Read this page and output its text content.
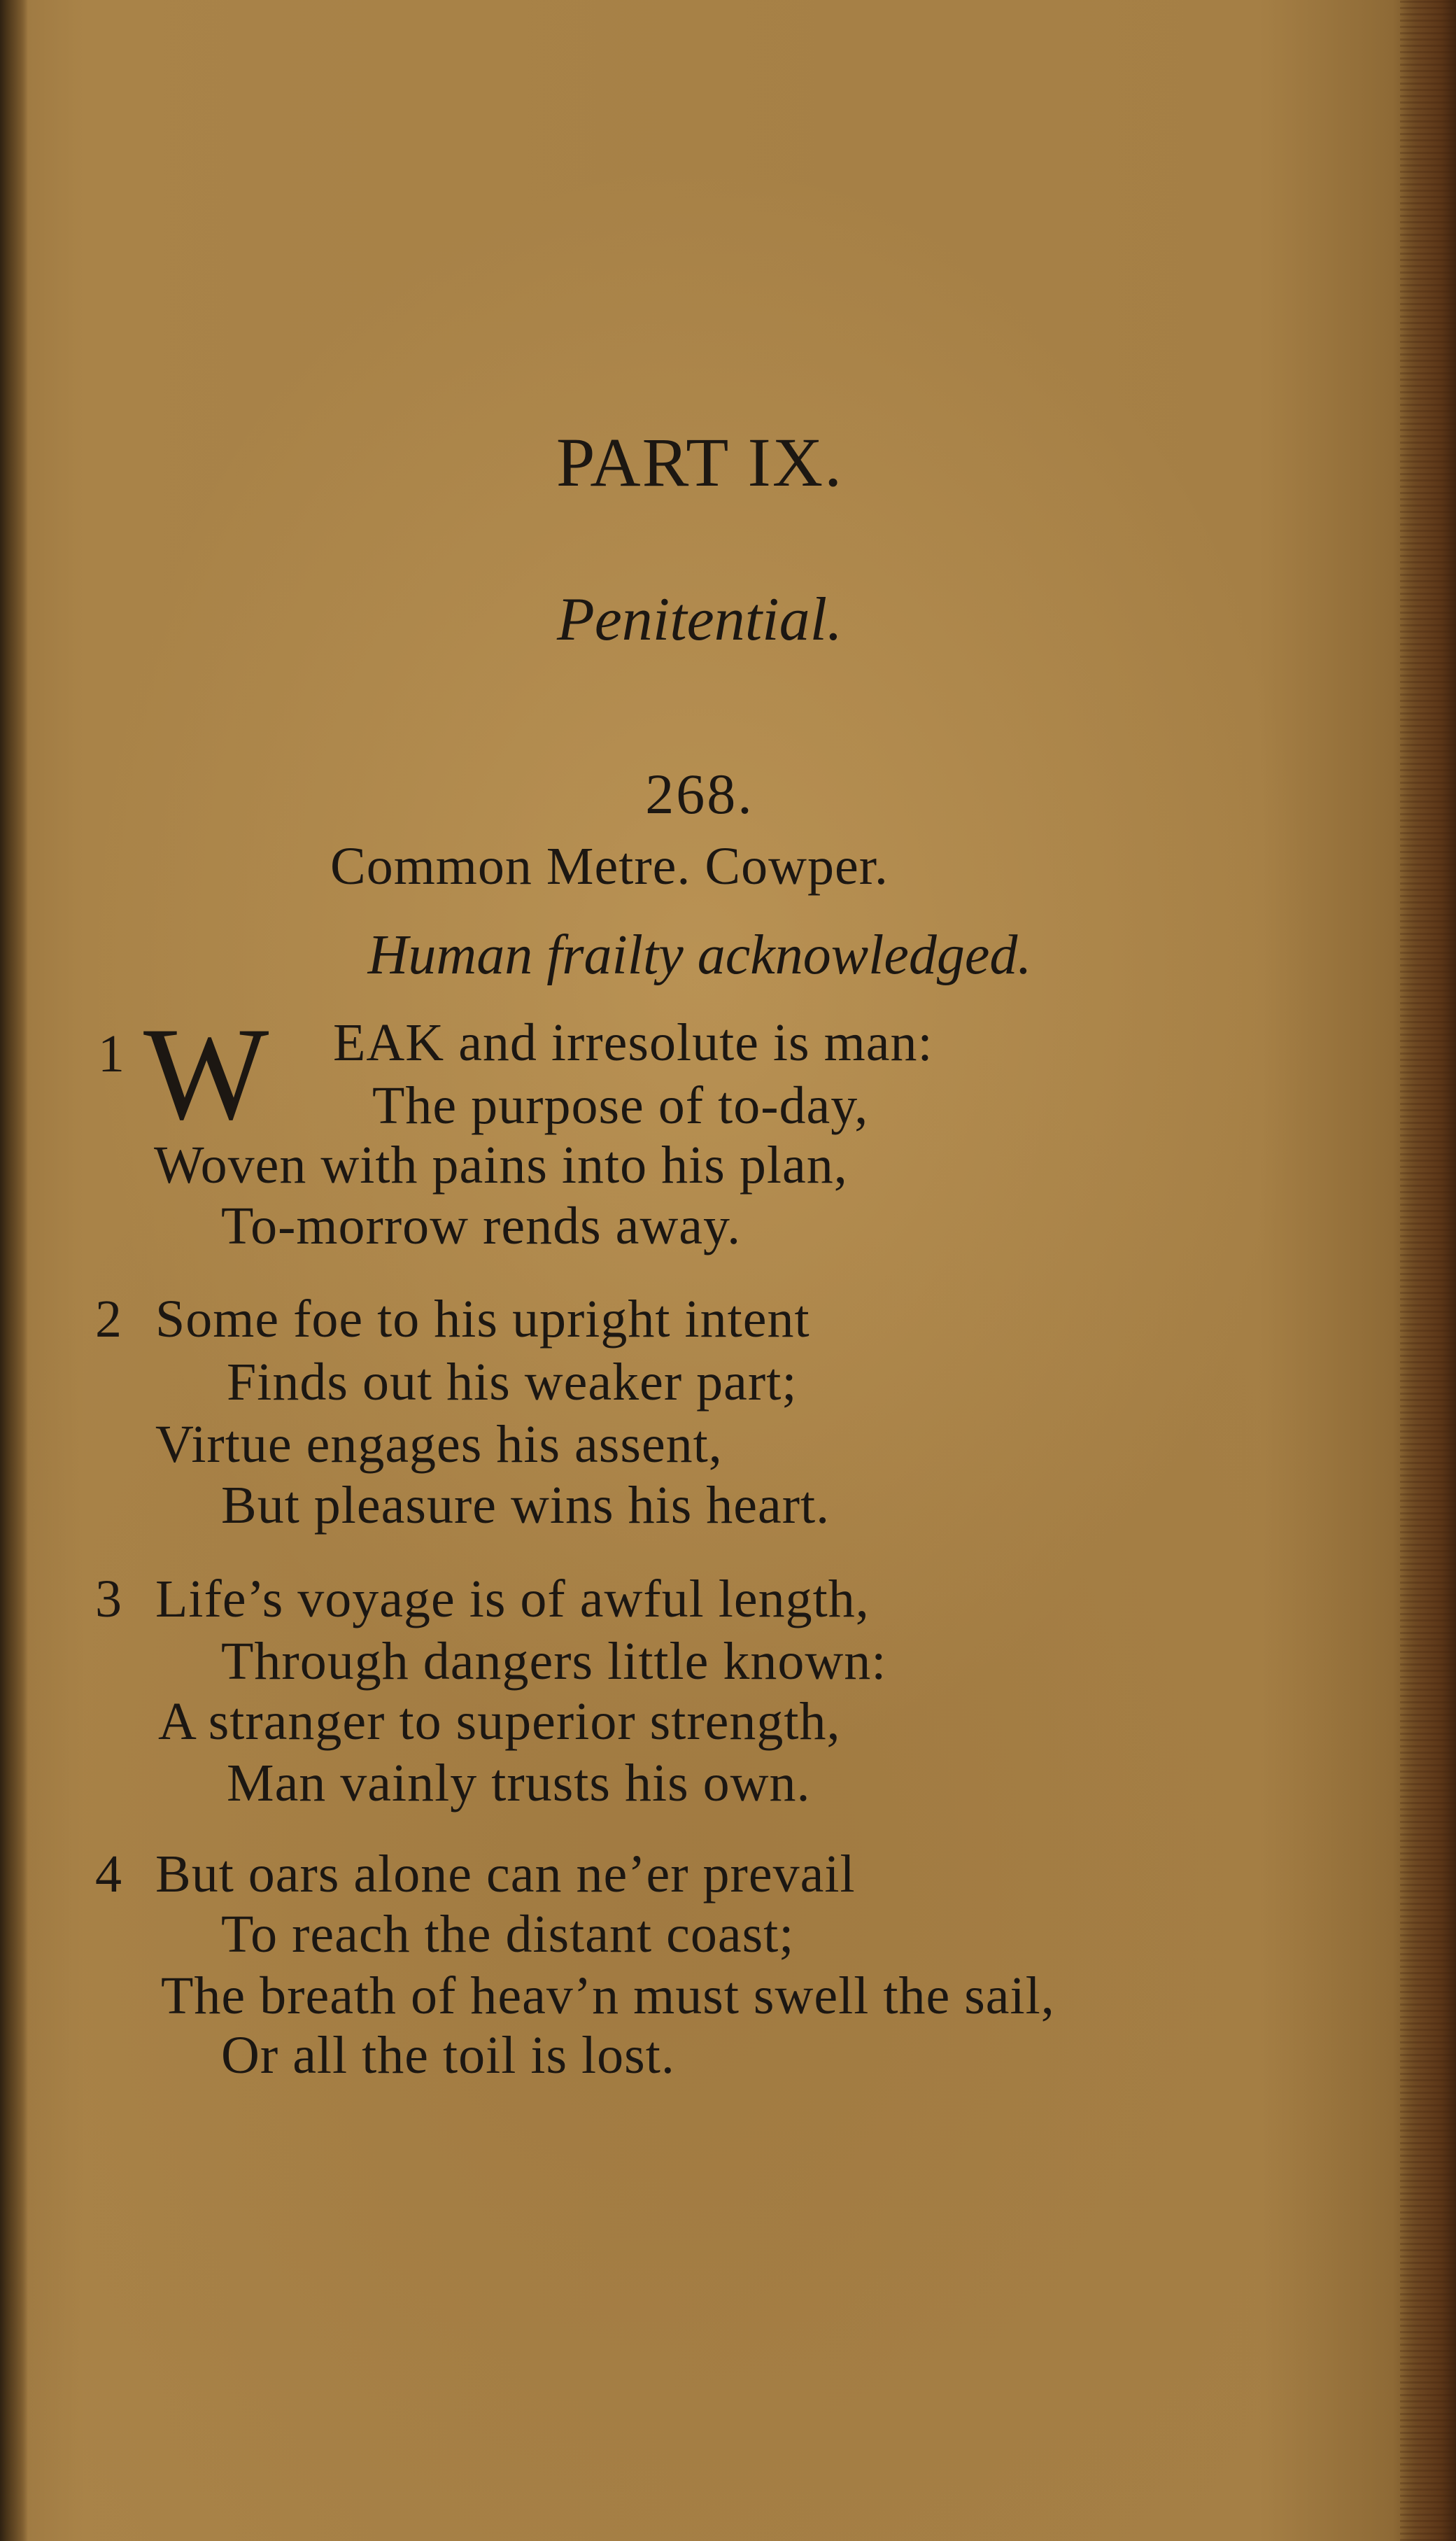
PART IX.
Penitential.
268.
Common Metre. Cowper.
Human frailty acknowledged.
1 W EAK and irresolute is man:
The purpose of to-day,
Woven with pains into his plan,
To-morrow rends away.
2 Some foe to his upright intent
Finds out his weaker part;
Virtue engages his assent,
But pleasure wins his heart.
3 Life’s voyage is of awful length,
Through dangers little known:
A stranger to superior strength,
Man vainly trusts his own.
4 But oars alone can ne’er prevail
To reach the distant coast;
The breath of heav’n must swell the sail,
Or all the toil is lost.
